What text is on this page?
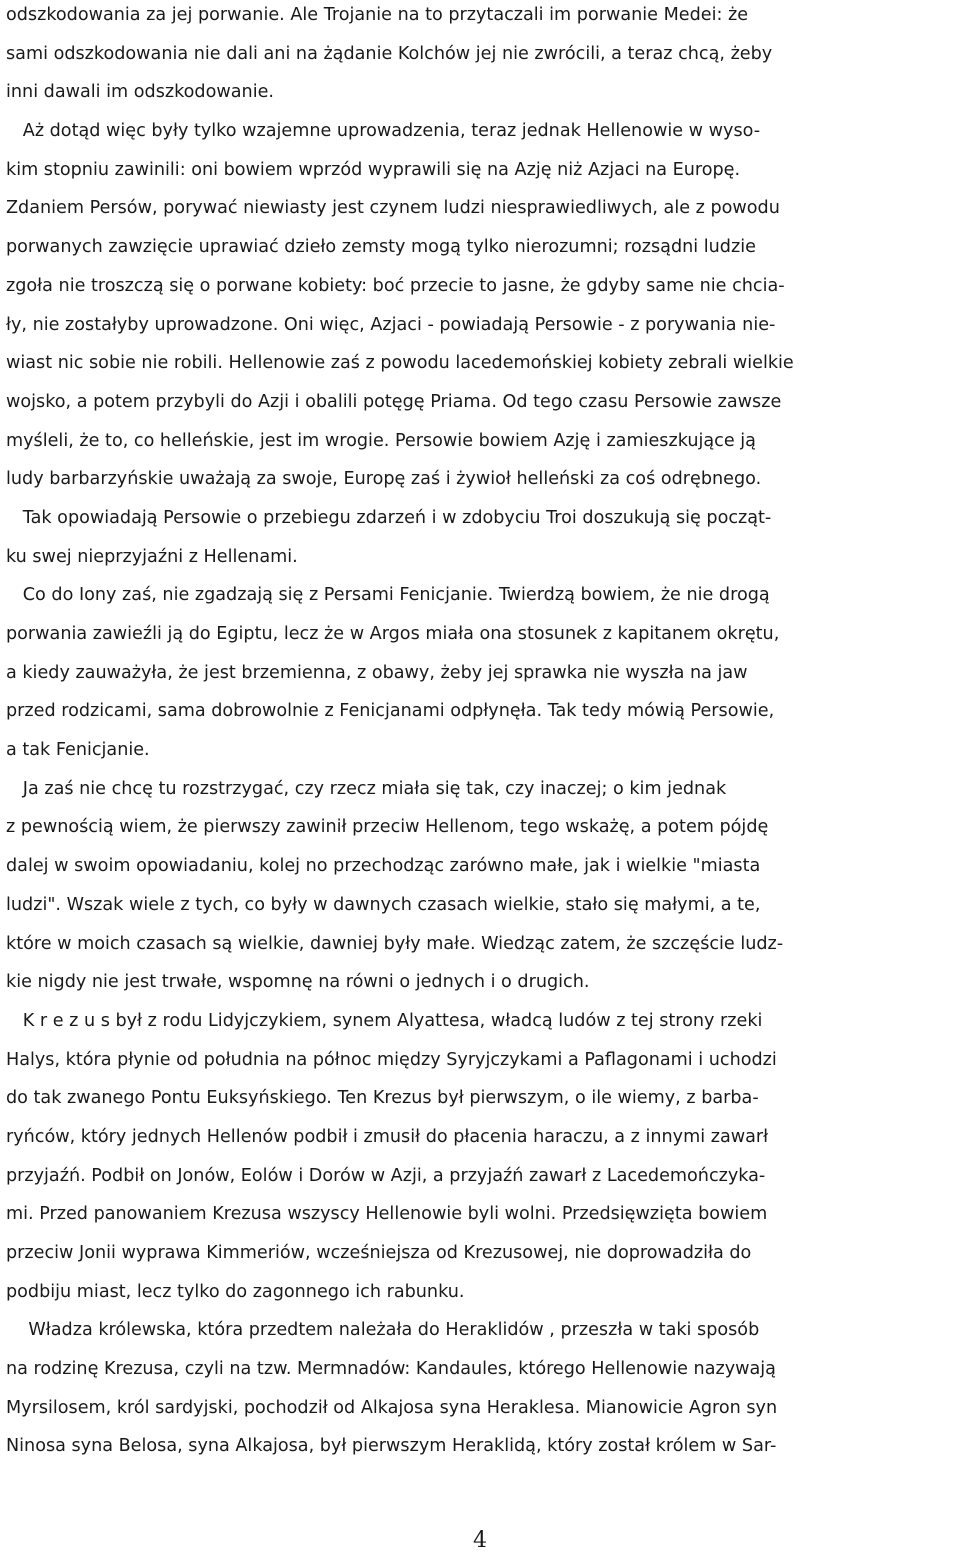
odszkodowania za jej porwanie. Ale Trojanie na to przytaczali im porwanie Medei: że
sami odszkodowania nie dali ani na żądanie Kolchów jej nie zwrócili, a teraz chcą, żeby
inni dawali im odszkodowanie.
Aż dotąd więc były tylko wzajemne uprowadzenia, teraz jednak Hellenowie w wyso-
kim stopniu zawinili: oni bowiem wprzód wyprawili się na Azję niż Azjaci na Europę.
Zdaniem Persów, porywać niewiasty jest czynem ludzi niesprawiedliwych, ale z powodu
porwanych zawzięcie uprawiać dzieło zemsty mogą tylko nierozumni; rozsądni ludzie
zgoła nie troszczą się o porwane kobiety: boć przecie to jasne, że gdyby same nie chcia-
ły, nie zostałyby uprowadzone. Oni więc, Azjaci - powiadają Persowie - z porywania nie-
wiast nic sobie nie robili. Hellenowie zaś z powodu lacedemońskiej kobiety zebrali wielkie
wojsko, a potem przybyli do Azji i obalili potęgę Priama. Od tego czasu Persowie zawsze
myśleli, że to, co helleńskie, jest im wrogie. Persowie bowiem Azję i zamieszkujące ją
ludy barbarzyńskie uważają za swoje, Europę zaś i żywioł helleński za coś odrębnego.
Tak opowiadają Persowie o przebiegu zdarzeń i w zdobyciu Troi doszukują się począt-
ku swej nieprzyjaźni z Hellenami.
Co do Iony zaś, nie zgadzają się z Persami Fenicjanie. Twierdzą bowiem, że nie drogą
porwania zawieźli ją do Egiptu, lecz że w Argos miała ona stosunek z kapitanem okrętu,
a kiedy zauważyła, że jest brzemienna, z obawy, żeby jej sprawka nie wyszła na jaw
przed rodzicami, sama dobrowolnie z Fenicjanami odpłynęła. Tak tedy mówią Persowie,
a tak Fenicjanie.
Ja zaś nie chcę tu rozstrzygać, czy rzecz miała się tak, czy inaczej; o kim jednak
z pewnością wiem, że pierwszy zawinił przeciw Hellenom, tego wskażę, a potem pójdę
dalej w swoim opowiadaniu, kolej no przechodząc zarówno małe, jak i wielkie "miasta
ludzi". Wszak wiele z tych, co były w dawnych czasach wielkie, stało się małymi, a te,
które w moich czasach są wielkie, dawniej były małe. Wiedząc zatem, że szczęście ludz-
kie nigdy nie jest trwałe, wspomnę na równi o jednych i o drugich.
K r e z u s był z rodu Lidyjczykiem, synem Alyattesa, władcą ludów z tej strony rzeki
Halys, która płynie od południa na północ między Syryjczykami a Paflagonami i uchodzi
do tak zwanego Pontu Euksyńskiego. Ten Krezus był pierwszym, o ile wiemy, z barba-
ryńców, który jednych Hellenów podbił i zmusił do płacenia haraczu, a z innymi zawarł
przyjaźń. Podbił on Jonów, Eolów i Dorów w Azji, a przyjaźń zawarł z Lacedemończyka-
mi. Przed panowaniem Krezusa wszyscy Hellenowie byli wolni. Przedsięwzięta bowiem
przeciw Jonii wyprawa Kimmeriów, wcześniejsza od Krezusowej, nie doprowadziła do
podbiju miast, lecz tylko do zagonnego ich rabunku.
Władza królewska, która przedtem należała do Heraklidów , przeszła w taki sposób
na rodzinę Krezusa, czyli na tzw. Mermnadów: Kandaules, którego Hellenowie nazywają
Myrsilosem, król sardyjski, pochodził od Alkajosa syna Heraklesa. Mianowicie Agron syn
Ninosa syna Belosa, syna Alkajosa, był pierwszym Heraklidą, który został królem w Sar-
4
